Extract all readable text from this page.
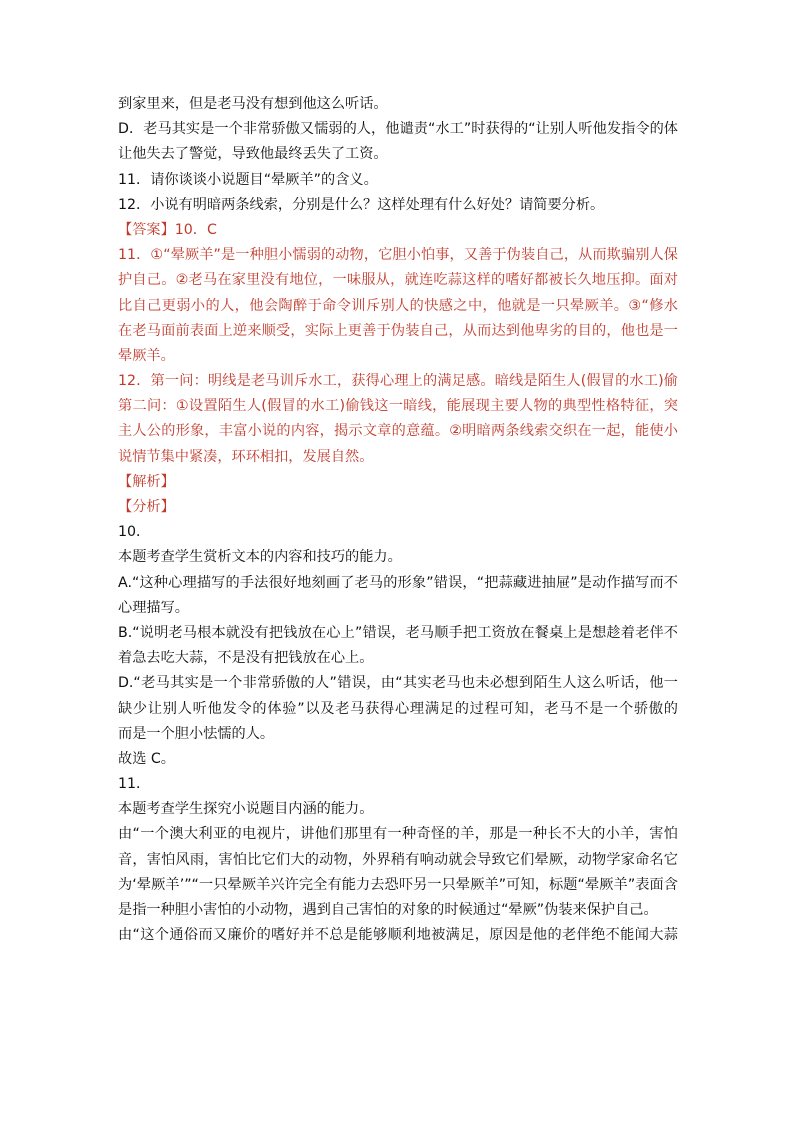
到家里来，但是老马没有想到他这么听话。
D．老马其实是一个非常骄傲又懦弱的人，他谴责“水工”时获得的“让别人听他发指令的体
让他失去了警觉，导致他最终丢失了工资。
11．请你谈谈小说题目“晕厥羊”的含义。
12．小说有明暗两条线索，分别是什么？这样处理有什么好处？请简要分析。
【答案】10．C
11．①“晕厥羊”是一种胆小懦弱的动物，它胆小怕事，又善于伪装自己，从而欺骗别人保
护自己。②老马在家里没有地位，一味服从，就连吃蒜这样的嗜好都被长久地压抑。面对
比自己更弱小的人，他会陶醉于命令训斥别人的快感之中，他就是一只晕厥羊。③“修水
在老马面前表面上逆来顺受，实际上更善于伪装自己，从而达到他卑劣的目的，他也是一
晕厥羊。
12．第一问：明线是老马训斥水工，获得心理上的满足感。暗线是陌生人(假冒的水工)偷
第二问：①设置陌生人(假冒的水工)偷钱这一暗线，能展现主要人物的典型性格特征，突
主人公的形象，丰富小说的内容，揭示文章的意蕴。②明暗两条线索交织在一起，能使小
说情节集中紧凑，环环相扣，发展自然。
【解析】
【分析】
10．
本题考查学生赏析文本的内容和技巧的能力。
A.“这种心理描写的手法很好地刻画了老马的形象”错误，“把蒜藏进抽屉”是动作描写而不
心理描写。
B.“说明老马根本就没有把钱放在心上”错误，老马顺手把工资放在餐桌上是想趁着老伴不
着急去吃大蒜，不是没有把钱放在心上。
D.“老马其实是一个非常骄傲的人”错误，由“其实老马也未必想到陌生人这么听话，他一
缺少让别人听他发令的体验”以及老马获得心理满足的过程可知，老马不是一个骄傲的
而是一个胆小怯懦的人。
故选 C。
11．
本题考查学生探究小说题目内涵的能力。
由“一个澳大利亚的电视片，讲他们那里有一种奇怪的羊，那是一种长不大的小羊，害怕
音，害怕风雨，害怕比它们大的动物，外界稍有响动就会导致它们晕厥，动物学家命名它
为‘晕厥羊’”“一只晕厥羊兴许完全有能力去恐吓另一只晕厥羊”可知，标题“晕厥羊”表面含
是指一种胆小害怕的小动物，遇到自己害怕的对象的时候通过“晕厥”伪装来保护自己。
由“这个通俗而又廉价的嗜好并不总是能够顺利地被满足，原因是他的老伴绝不能闻大蒜
